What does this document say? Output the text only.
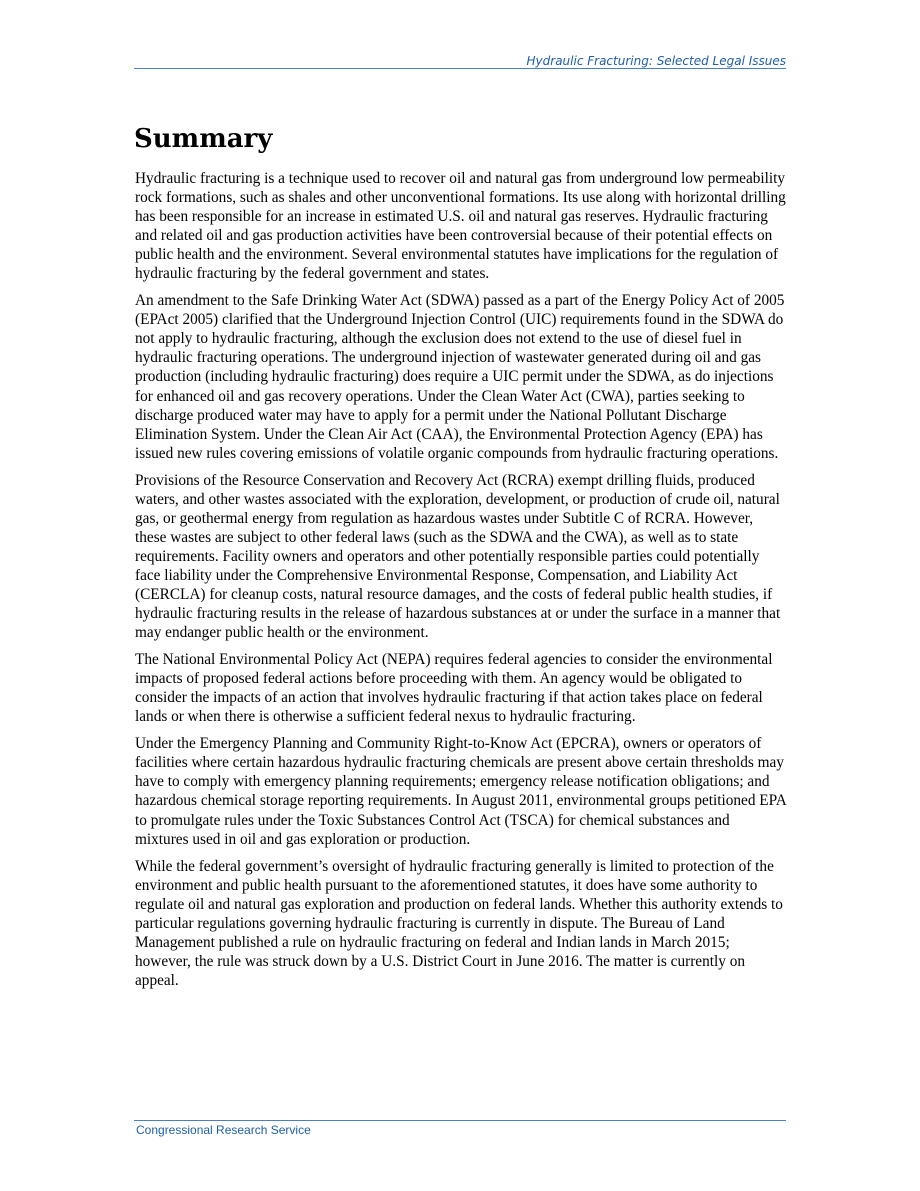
Hydraulic Fracturing: Selected Legal Issues
Summary

Hydraulic fracturing is a technique used to recover oil and natural gas from underground low permeability rock formations, such as shales and other unconventional formations. Its use along with horizontal drilling has been responsible for an increase in estimated U.S. oil and natural gas reserves. Hydraulic fracturing and related oil and gas production activities have been controversial because of their potential effects on public health and the environment. Several environmental statutes have implications for the regulation of hydraulic fracturing by the federal government and states.

An amendment to the Safe Drinking Water Act (SDWA) passed as a part of the Energy Policy Act of 2005 (EPAct 2005) clarified that the Underground Injection Control (UIC) requirements found in the SDWA do not apply to hydraulic fracturing, although the exclusion does not extend to the use of diesel fuel in hydraulic fracturing operations. The underground injection of wastewater generated during oil and gas production (including hydraulic fracturing) does require a UIC permit under the SDWA, as do injections for enhanced oil and gas recovery operations. Under the Clean Water Act (CWA), parties seeking to discharge produced water may have to apply for a permit under the National Pollutant Discharge Elimination System. Under the Clean Air Act (CAA), the Environmental Protection Agency (EPA) has issued new rules covering emissions of volatile organic compounds from hydraulic fracturing operations.

Provisions of the Resource Conservation and Recovery Act (RCRA) exempt drilling fluids, produced waters, and other wastes associated with the exploration, development, or production of crude oil, natural gas, or geothermal energy from regulation as hazardous wastes under Subtitle C of RCRA. However, these wastes are subject to other federal laws (such as the SDWA and the CWA), as well as to state requirements. Facility owners and operators and other potentially responsible parties could potentially face liability under the Comprehensive Environmental Response, Compensation, and Liability Act (CERCLA) for cleanup costs, natural resource damages, and the costs of federal public health studies, if hydraulic fracturing results in the release of hazardous substances at or under the surface in a manner that may endanger public health or the environment.

The National Environmental Policy Act (NEPA) requires federal agencies to consider the environmental impacts of proposed federal actions before proceeding with them. An agency would be obligated to consider the impacts of an action that involves hydraulic fracturing if that action takes place on federal lands or when there is otherwise a sufficient federal nexus to hydraulic fracturing.

Under the Emergency Planning and Community Right-to-Know Act (EPCRA), owners or operators of facilities where certain hazardous hydraulic fracturing chemicals are present above certain thresholds may have to comply with emergency planning requirements; emergency release notification obligations; and hazardous chemical storage reporting requirements. In August 2011, environmental groups petitioned EPA to promulgate rules under the Toxic Substances Control Act (TSCA) for chemical substances and mixtures used in oil and gas exploration or production.

While the federal government’s oversight of hydraulic fracturing generally is limited to protection of the environment and public health pursuant to the aforementioned statutes, it does have some authority to regulate oil and natural gas exploration and production on federal lands. Whether this authority extends to particular regulations governing hydraulic fracturing is currently in dispute. The Bureau of Land Management published a rule on hydraulic fracturing on federal and Indian lands in March 2015; however, the rule was struck down by a U.S. District Court in June 2016. The matter is currently on appeal.

Congressional Research Service
